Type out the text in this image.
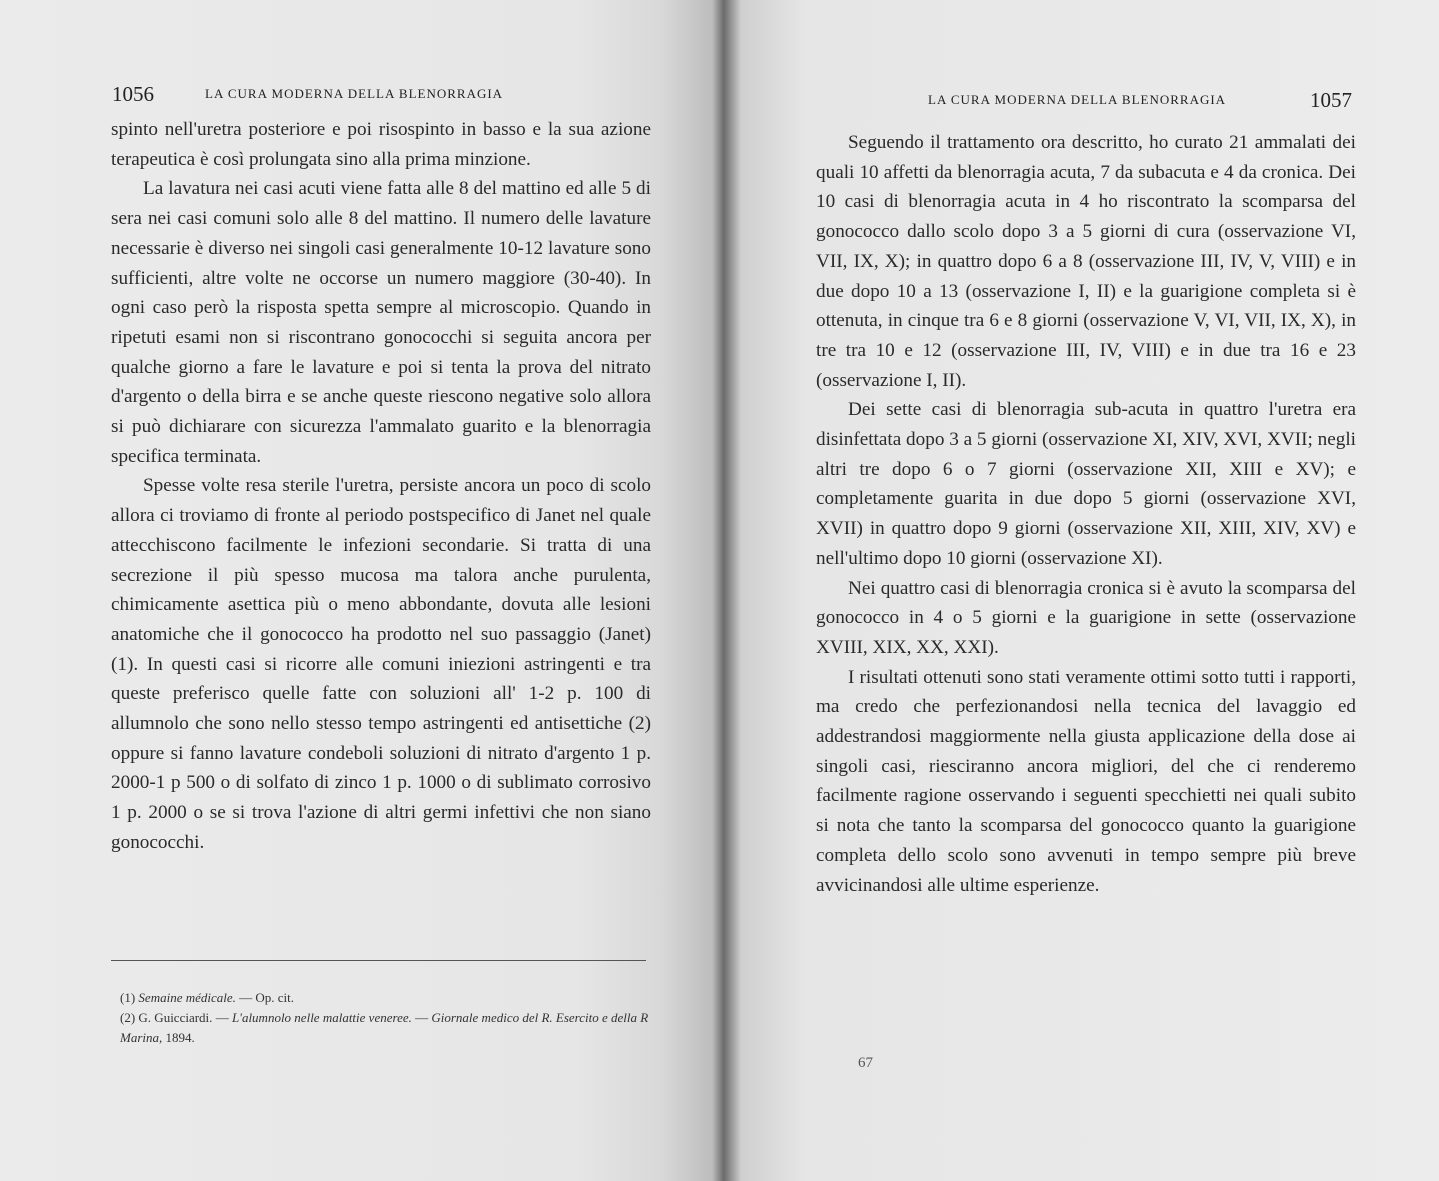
1056	LA CURA MODERNA DELLA BLENORRAGIA

spinto nell'uretra posteriore e poi risospinto in basso e la sua azione terapeutica è così prolungata sino alla prima minzione.

La lavatura nei casi acuti viene fatta alle 8 del mattino ed alle 5 di sera nei casi comuni solo alle 8 del mattino. Il numero delle lavature necessarie è diverso nei singoli casi generalmente 10-12 lavature sono sufficienti, altre volte ne occorse un numero maggiore (30-40). In ogni caso però la risposta spetta sempre al microscopio. Quando in ripetuti esami non si riscontrano gonococchi si seguita ancora per qualche giorno a fare le lavature e poi si tenta la prova del nitrato d'argento o della birra e se anche queste riescono negative solo allora si può dichiarare con sicurezza l'ammalato guarito e la blenorragia specifica terminata.

Spesse volte resa sterile l'uretra, persiste ancora un poco di scolo allora ci troviamo di fronte al periodo postspecifico di Janet nel quale attecchiscono facilmente le infezioni secondarie. Si tratta di una secrezione il più spesso mucosa ma talora anche purulenta, chimicamente asettica più o meno abbondante, dovuta alle lesioni anatomiche che il gonococco ha prodotto nel suo passaggio (Janet) (1). In questi casi si ricorre alle comuni iniezioni astringenti e tra queste preferisco quelle fatte con soluzioni all' 1-2 p. 100 di allumnolo che sono nello stesso tempo astringenti ed antisettiche (2) oppure si fanno lavature condeboli soluzioni di nitrato d'argento 1 p. 2000-1 p 500 o di solfato di zinco 1 p. 1000 o di sublimato corrosivo 1 p. 2000 o se si trova l'azione di altri germi infettivi che non siano gonococchi.

(1) Semaine médicale. — Op. cit.
(2) G. Guicciardi. — L'alumnolo nelle malattie veneree. — Giornale medico del R. Esercito e della R Marina, 1894.
LA CURA MODERNA DELLA BLENORRAGIA	1057

Seguendo il trattamento ora descritto, ho curato 21 ammalati dei quali 10 affetti da blenorragia acuta, 7 da subacuta e 4 da cronica. Dei 10 casi di blenorragia acuta in 4 ho riscontrato la scomparsa del gonococco dallo scolo dopo 3 a 5 giorni di cura (osservazione VI, VII, IX, X); in quattro dopo 6 a 8 (osservazione III, IV, V, VIII) e in due dopo 10 a 13 (osservazione I, II) e la guarigione completa si è ottenuta, in cinque tra 6 e 8 giorni (osservazione V, VI, VII, IX, X), in tre tra 10 e 12 (osservazione III, IV, VIII) e in due tra 16 e 23 (osservazione I, II).

Dei sette casi di blenorragia sub-acuta in quattro l'uretra era disinfettata dopo 3 a 5 giorni (osservazione XI, XIV, XVI, XVII; negli altri tre dopo 6 o 7 giorni (osservazione XII, XIII e XV); e completamente guarita in due dopo 5 giorni (osservazione XVI, XVII) in quattro dopo 9 giorni (osservazione XII, XIII, XIV, XV) e nell'ultimo dopo 10 giorni (osservazione XI).

Nei quattro casi di blenorragia cronica si è avuto la scomparsa del gonococco in 4 o 5 giorni e la guarigione in sette (osservazione XVIII, XIX, XX, XXI).

I risultati ottenuti sono stati veramente ottimi sotto tutti i rapporti, ma credo che perfezionandosi nella tecnica del lavaggio ed addestrandosi maggiormente nella giusta applicazione della dose ai singoli casi, riesciranno ancora migliori, del che ci renderemo facilmente ragione osservando i seguenti specchietti nei quali subito si nota che tanto la scomparsa del gonococco quanto la guarigione completa dello scolo sono avvenuti in tempo sempre più breve avvicinandosi alle ultime esperienze.

67
